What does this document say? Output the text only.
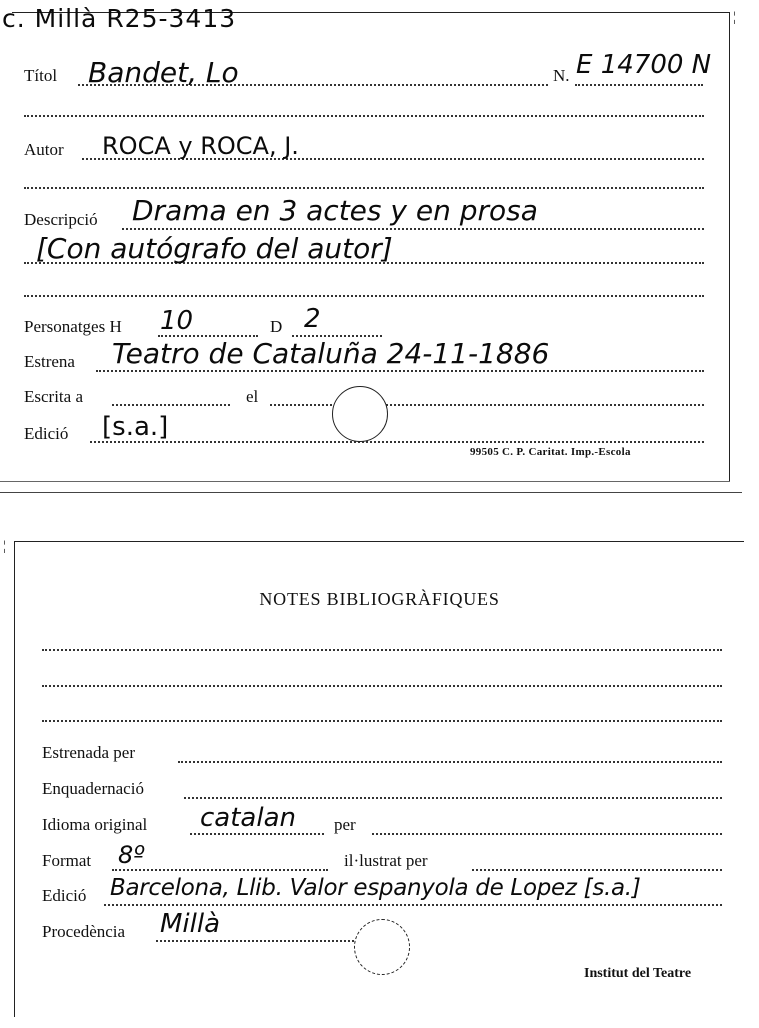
¦
c. Millà R25-3413
Títol Bandet, Lo	N. E 14700 N
Autor ROCA y ROCA, J.
Descripció Drama en 3 actes y en prosa
[Con autógrafo del autor]
Personatges H 10	D 2
Estrena Teatro de Cataluña 24-11-1886
Escrita a	el
Edició [s.a.]
99505 C. P. Caritat. Imp.-Escola
¦
NOTES BIBLIOGRÀFIQUES
Estrenada per
Enquadernació
Idioma original catalan per
Format 8º	il·lustrat per
Edició Barcelona, Llib. Valor espanyola de Lopez [s.a.]
Procedència Millà
Institut del Teatre
